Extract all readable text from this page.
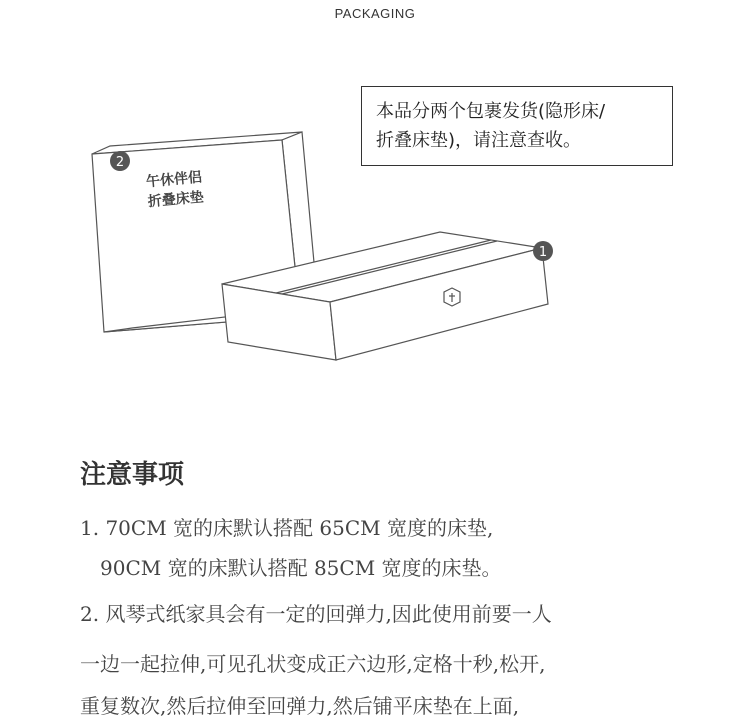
PACKAGING
午休伴侣
折叠床垫
2
1
本品分两个包裹发货(隐形床/
折叠床垫)，请注意查收。
注意事项
1. 70CM 宽的床默认搭配 65CM 宽度的床垫,
90CM 宽的床默认搭配 85CM 宽度的床垫。
2. 风琴式纸家具会有一定的回弹力,因此使用前要一人
一边一起拉伸,可见孔状变成正六边形,定格十秒,松开,
重复数次,然后拉伸至回弹力,然后铺平床垫在上面,
